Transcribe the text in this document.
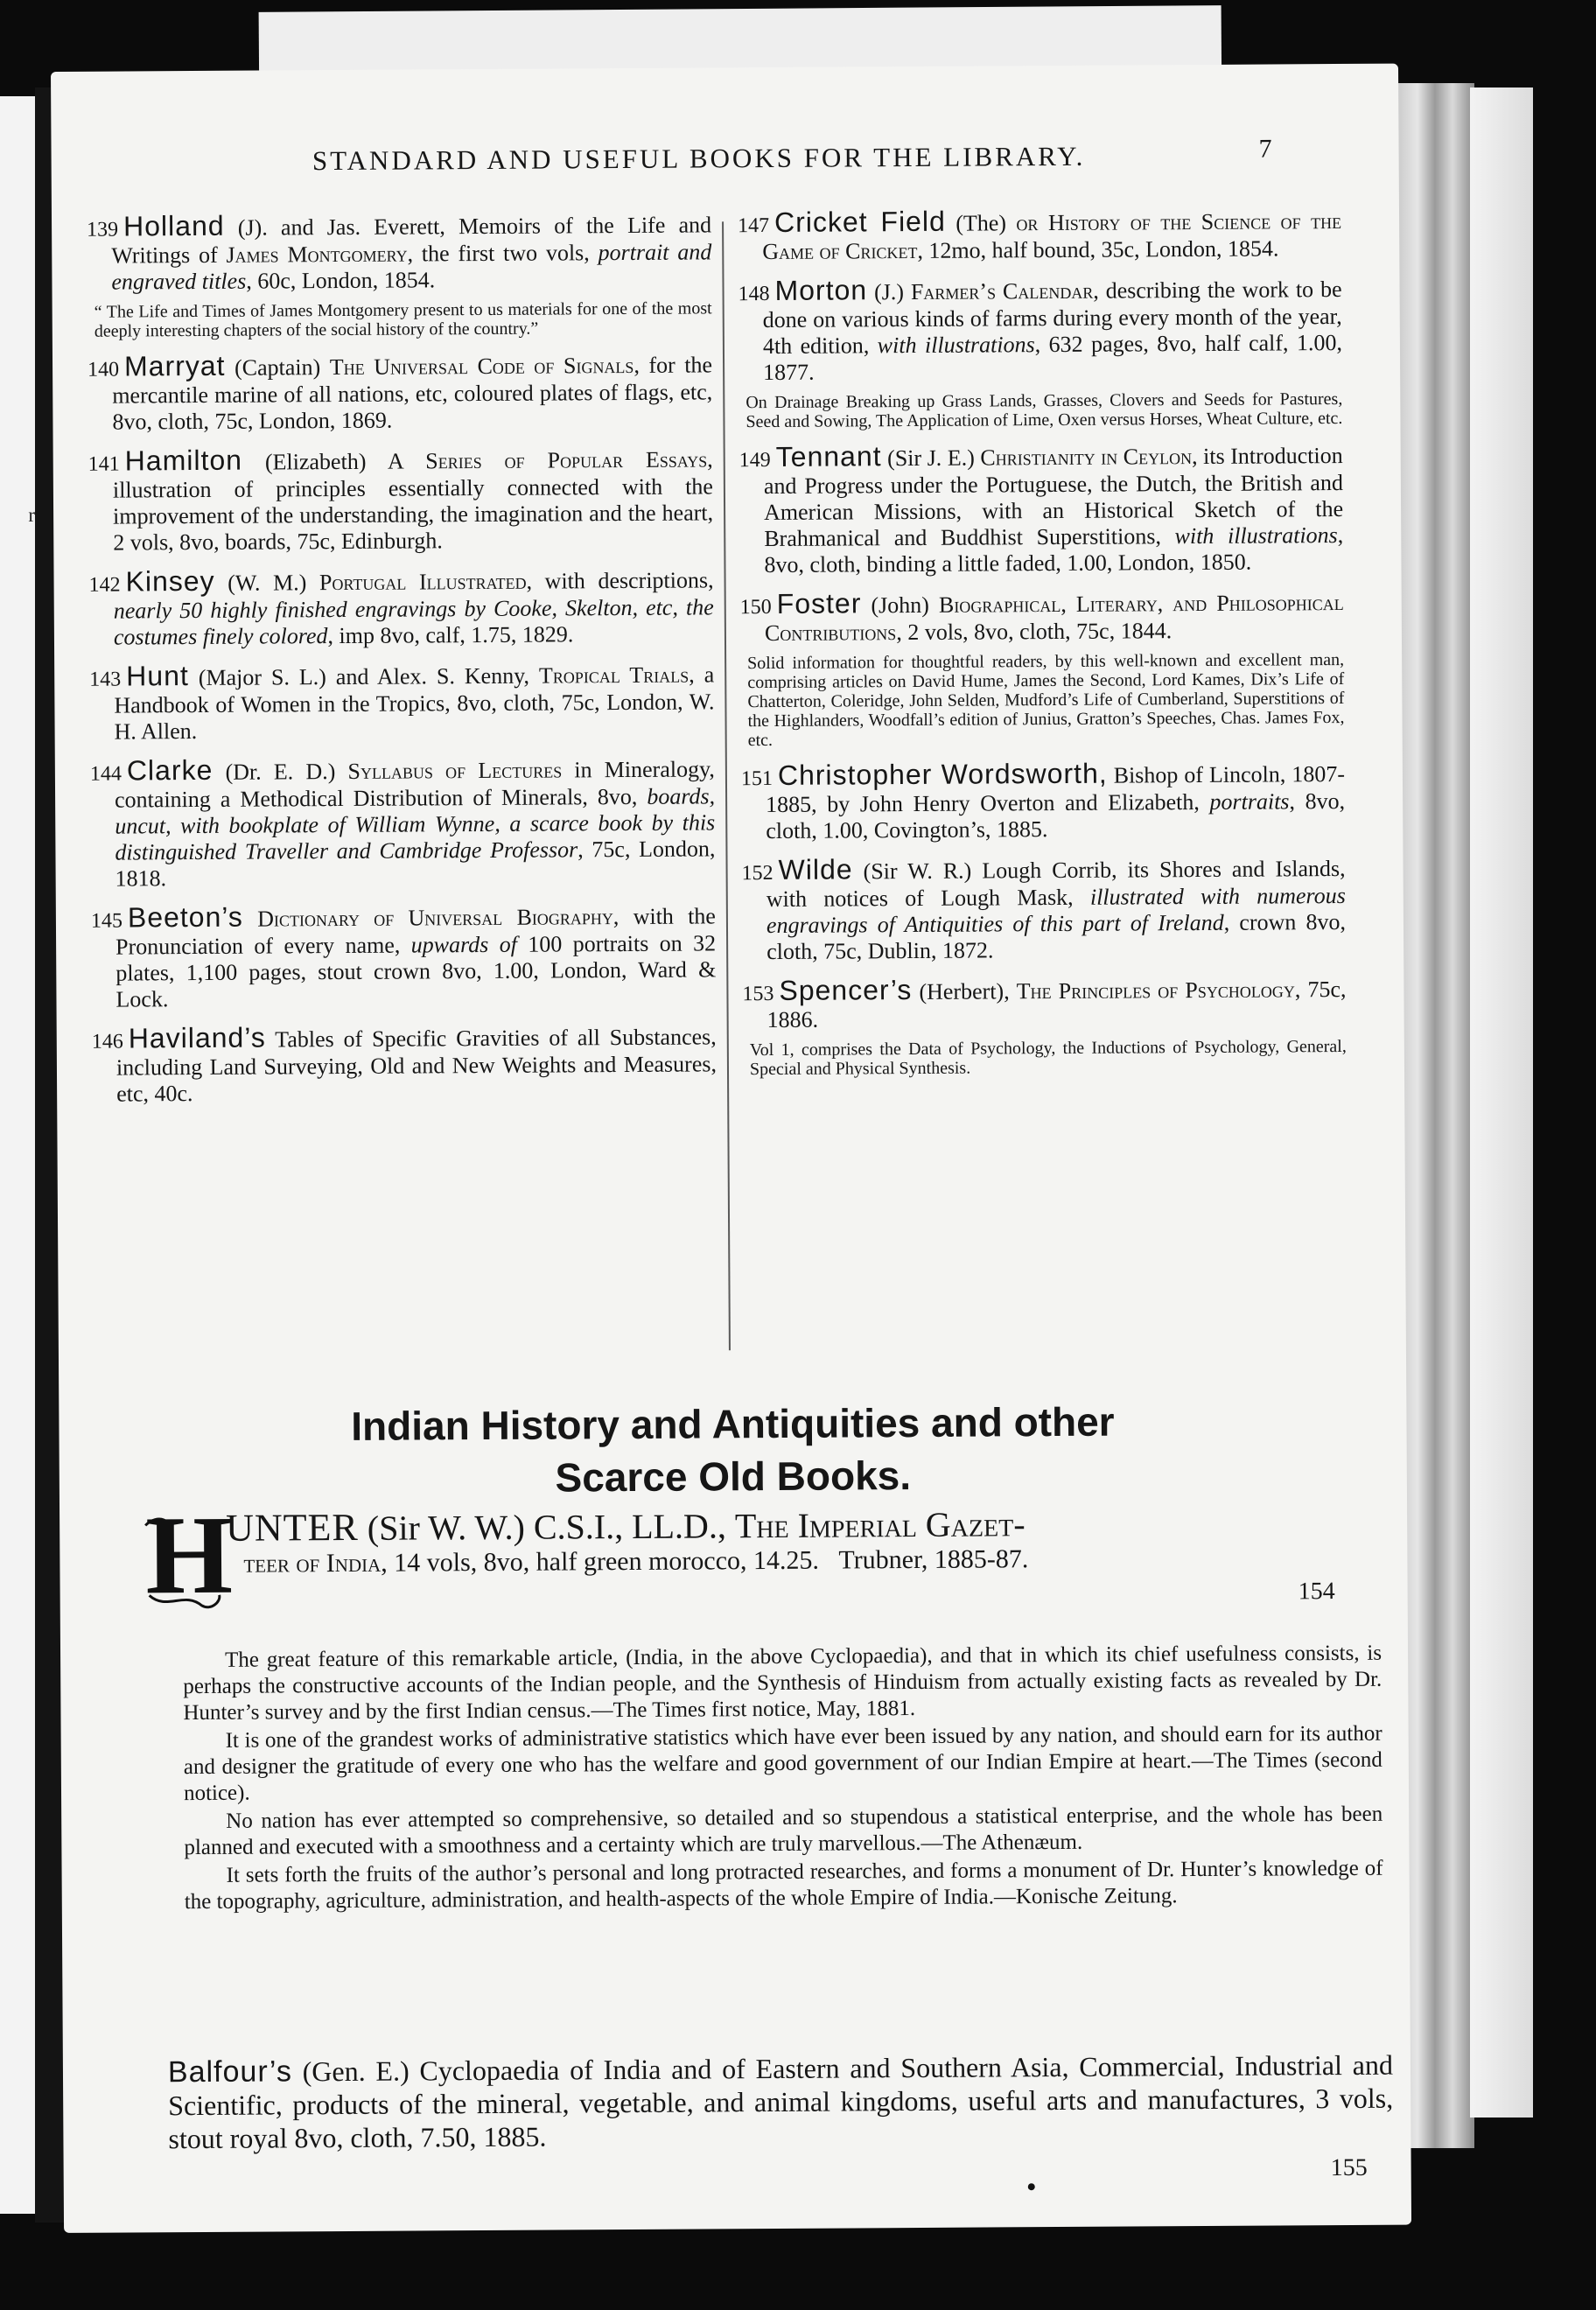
r
STANDARD AND USEFUL BOOKS FOR THE LIBRARY.	7

139 Holland (J). and Jas. Everett, Memoirs of the Life and Writings of James Montgomery, the first two vols, portrait and engraved titles, 60c, London, 1854.

“ The Life and Times of James Montgomery present to us materials for one of the most deeply interesting chapters of the social history of the country.”

140 Marryat (Captain) The Universal Code of Signals, for the mercantile marine of all nations, etc, coloured plates of flags, etc, 8vo, cloth, 75c, London, 1869.

141 Hamilton (Elizabeth) A Series of Popular Essays, illustration of principles essentially connected with the improvement of the understanding, the imagination and the heart, 2 vols, 8vo, boards, 75c, Edinburgh.

142 Kinsey (W. M.) Portugal Illustrated, with descriptions, nearly 50 highly finished engravings by Cooke, Skelton, etc, the costumes finely colored, imp 8vo, calf, 1.75, 1829.

143 Hunt (Major S. L.) and Alex. S. Kenny, Tropical Trials, a Handbook of Women in the Tropics, 8vo, cloth, 75c, London, W. H. Allen.

144 Clarke (Dr. E. D.) Syllabus of Lectures in Mineralogy, containing a Methodical Distribution of Minerals, 8vo, boards, uncut, with bookplate of William Wynne, a scarce book by this distinguished Traveller and Cambridge Professor, 75c, London, 1818.

145 Beeton’s Dictionary of Universal Biography, with the Pronunciation of every name, upwards of 100 portraits on 32 plates, 1,100 pages, stout crown 8vo, 1.00, London, Ward & Lock.

146 Haviland’s Tables of Specific Gravities of all Substances, including Land Surveying, Old and New Weights and Measures, etc, 40c.

147 Cricket Field (The) or History of the Science of the Game of Cricket, 12mo, half bound, 35c, London, 1854.

148 Morton (J.) Farmer’s Calendar, describing the work to be done on various kinds of farms during every month of the year, 4th edition, with illustrations, 632 pages, 8vo, half calf, 1.00, 1877.

On Drainage Breaking up Grass Lands, Grasses, Clovers and Seeds for Pastures, Seed and Sowing, The Application of Lime, Oxen versus Horses, Wheat Culture, etc.

149 Tennant (Sir J. E.) Christianity in Ceylon, its Introduction and Progress under the Portuguese, the Dutch, the British and American Missions, with an Historical Sketch of the Brahmanical and Buddhist Superstitions, with illustrations, 8vo, cloth, binding a little faded, 1.00, London, 1850.

150 Foster (John) Biographical, Literary, and Philosophical Contributions, 2 vols, 8vo, cloth, 75c, 1844.

Solid information for thoughtful readers, by this well-known and excellent man, comprising articles on David Hume, James the Second, Lord Kames, Dix’s Life of Chatterton, Coleridge, John Selden, Mudford’s Life of Cumberland, Superstitions of the Highlanders, Woodfall’s edition of Junius, Gratton’s Speeches, Chas. James Fox, etc.

151 Christopher Wordsworth, Bishop of Lincoln, 1807-1885, by John Henry Overton and Elizabeth, portraits, 8vo, cloth, 1.00, Covington’s, 1885.

152 Wilde (Sir W. R.) Lough Corrib, its Shores and Islands, with notices of Lough Mask, illustrated with numerous engravings of Antiquities of this part of Ireland, crown 8vo, cloth, 75c, Dublin, 1872.

153 Spencer’s (Herbert), The Principles of Psychology, 75c, 1886.

Vol 1, comprises the Data of Psychology, the Inductions of Psychology, General, Special and Physical Synthesis.

Indian History and Antiquities and other
Scarce Old Books.
H
UNTER (Sir W. W.) C.S.I., LL.D., The Imperial Gazet-
teer of India, 14 vols, 8vo, half green morocco, 14.25.   Trubner, 1885-87.
154

The great feature of this remarkable article, (India, in the above Cyclopaedia), and that in which its chief usefulness consists, is perhaps the constructive accounts of the Indian people, and the Synthesis of Hinduism from actually existing facts as revealed by Dr. Hunter’s survey and by the first Indian census.—The Times first notice, May, 1881.

It is one of the grandest works of administrative statistics which have ever been issued by any nation, and should earn for its author and designer the gratitude of every one who has the welfare and good government of our Indian Empire at heart.—The Times (second notice).

No nation has ever attempted so comprehensive, so detailed and so stupendous a statistical enterprise, and the whole has been planned and executed with a smoothness and a certainty which are truly marvellous.—The Athenæum.

It sets forth the fruits of the author’s personal and long protracted researches, and forms a monument of Dr. Hunter’s knowledge of the topography, agriculture, administration, and health-aspects of the whole Empire of India.—Konische Zeitung.

Balfour’s (Gen. E.) Cyclopaedia of India and of Eastern and Southern Asia, Commercial, Industrial and Scientific, products of the mineral, vegetable, and animal kingdoms, useful arts and manufactures, 3 vols, stout royal 8vo, cloth, 7.50, 1885.
155
